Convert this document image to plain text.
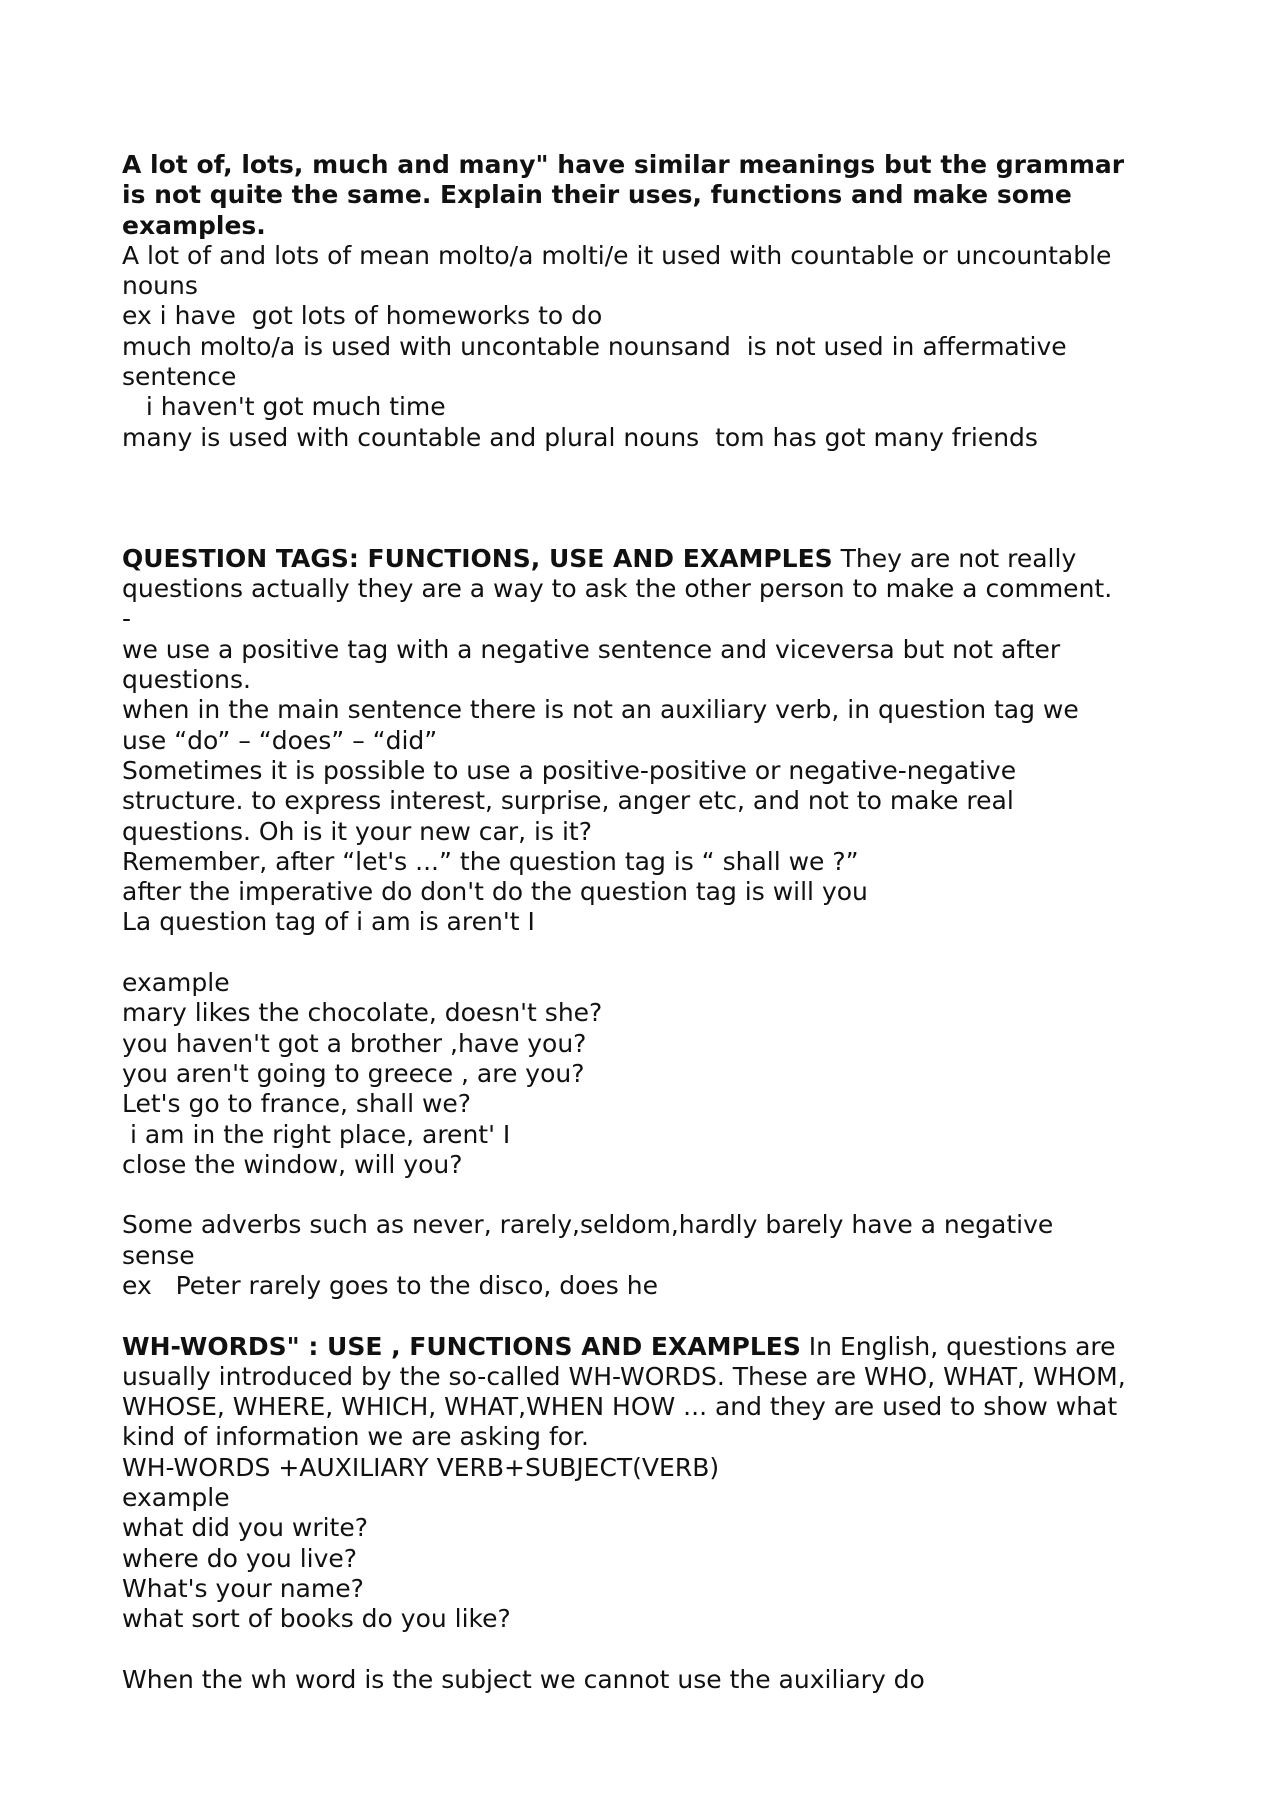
A lot of, lots, much and many" have similar meanings but the grammar
is not quite the same. Explain their uses, functions and make some
examples.
A lot of and lots of mean molto/a molti/e it used with countable or uncountable
nouns
ex i have  got lots of homeworks to do
much molto/a is used with uncontable nounsand  is not used in affermative
sentence
i haven't got much time
many is used with countable and plural nouns  tom has got many friends
QUESTION TAGS: FUNCTIONS, USE AND EXAMPLES They are not really
questions actually they are a way to ask the other person to make a comment.
-
we use a positive tag with a negative sentence and viceversa but not after
questions.
when in the main sentence there is not an auxiliary verb, in question tag we
use “do” – “does” – “did”
Sometimes it is possible to use a positive-positive or negative-negative
structure. to express interest, surprise, anger etc, and not to make real
questions. Oh is it your new car, is it?
Remember, after “let's ...” the question tag is “ shall we ?”
after the imperative do don't do the question tag is will you
La question tag of i am is aren't I
example
mary likes the chocolate, doesn't she?
you haven't got a brother ,have you?
you aren't going to greece , are you?
Let's go to france, shall we?
i am in the right place, arent' I
close the window, will you?
Some adverbs such as never, rarely,seldom,hardly barely have a negative
sense
ex   Peter rarely goes to the disco, does he
WH-WORDS" : USE , FUNCTIONS AND EXAMPLES In English, questions are
usually introduced by the so-called WH-WORDS. These are WHO, WHAT, WHOM,
WHOSE, WHERE, WHICH, WHAT,WHEN HOW ... and they are used to show what
kind of information we are asking for.
WH-WORDS +AUXILIARY VERB+SUBJECT(VERB)
example
what did you write?
where do you live?
What's your name?
what sort of books do you like?
When the wh word is the subject we cannot use the auxiliary do
